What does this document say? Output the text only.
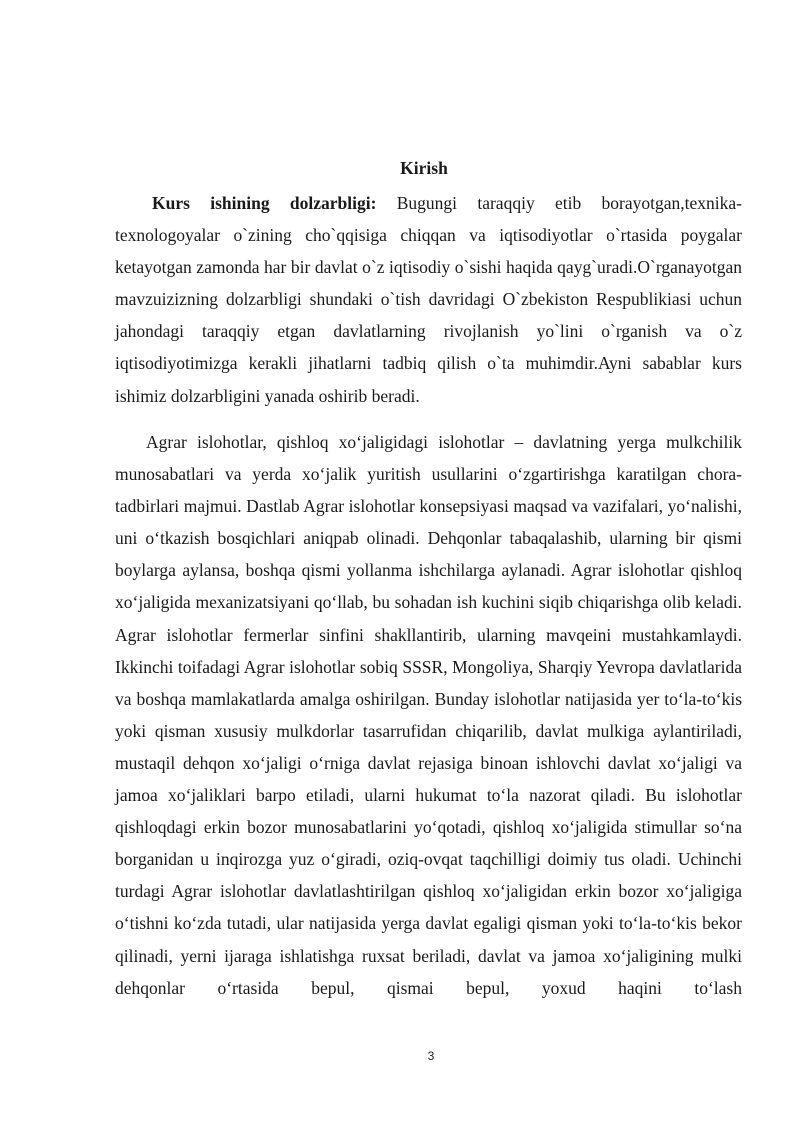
Kirish
Kurs ishining dolzarbligi: Bugungi taraqqiy etib borayotgan,texnika-texnologoyalar o`zining cho`qqisiga chiqqan va iqtisodiyotlar o`rtasida poygalar ketayotgan zamonda har bir davlat o`z iqtisodiy o`sishi haqida qayg`uradi.O`rganayotgan mavzuizizning dolzarbligi shundaki o`tish davridagi O`zbekiston Respublikiasi uchun jahondagi taraqqiy etgan davlatlarning rivojlanish yo`lini o`rganish va o`z iqtisodiyotimizga kerakli jihatlarni tadbiq qilish o`ta muhimdir.Ayni sabablar kurs ishimiz dolzarbligini yanada oshirib beradi.
Agrar islohotlar, qishloq xo‘jaligidagi islohotlar – davlatning yerga mulkchilik munosabatlari va yerda xo‘jalik yuritish usullarini o‘zgartirishga karatilgan chora-tadbirlari majmui. Dastlab Agrar islohotlar konsepsiyasi maqsad va vazifalari, yo‘nalishi, uni o‘tkazish bosqichlari aniqpab olinadi. Dehqonlar tabaqalashib, ularning bir qismi boylarga aylansa, boshqa qismi yollanma ishchilarga aylanadi. Agrar islohotlar qishloq xo‘jaligida mexanizatsiyani qo‘llab, bu sohadan ish kuchini siqib chiqarishga olib keladi. Agrar islohotlar fermerlar sinfini shakllantirib, ularning mavqeini mustahkamlaydi. Ikkinchi toifadagi Agrar islohotlar sobiq SSSR, Mongoliya, Sharqiy Yevropa davlatlarida va boshqa mamlakatlarda amalga oshirilgan. Bunday islohotlar natijasida yer to‘la-to‘kis yoki qisman xususiy mulkdorlar tasarrufidan chiqarilib, davlat mulkiga aylantiriladi, mustaqil dehqon xo‘jaligi o‘rniga davlat rejasiga binoan ishlovchi davlat xo‘jaligi va jamoa xo‘jaliklari barpo etiladi, ularni hukumat to‘la nazorat qiladi. Bu islohotlar qishloqdagi erkin bozor munosabatlarini yo‘qotadi, qishloq xo‘jaligida stimullar so‘na borganidan u inqirozga yuz o‘giradi, oziq-ovqat taqchilligi doimiy tus oladi. Uchinchi turdagi Agrar islohotlar davlatlashtirilgan qishloq xo‘jaligidan erkin bozor xo‘jaligiga o‘tishni ko‘zda tutadi, ular natijasida yerga davlat egaligi qisman yoki to‘la-to‘kis bekor qilinadi, yerni ijaraga ishlatishga ruxsat beriladi, davlat va jamoa xo‘jaligining mulki dehqonlar o‘rtasida bepul, qismai bepul, yoxud haqini to‘lash
3
